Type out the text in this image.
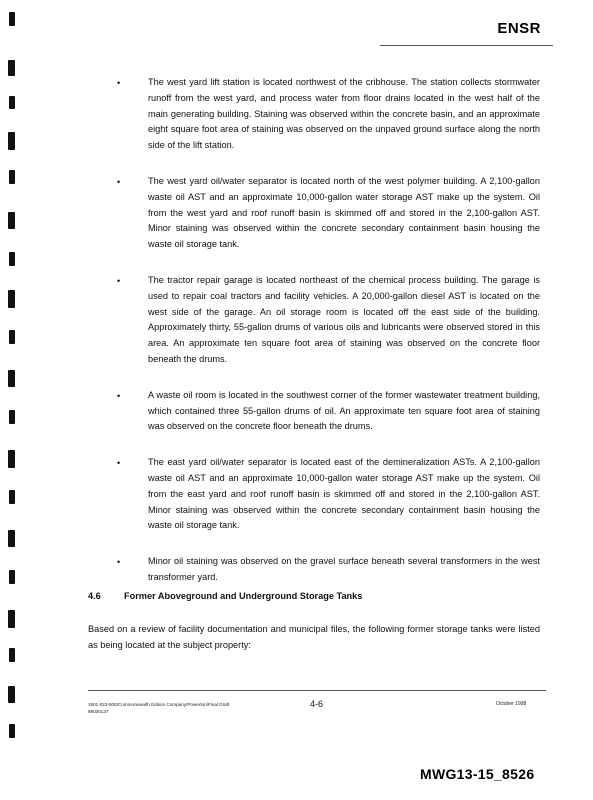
ENSR
•	The west yard lift station is located northwest of the cribhouse. The station collects stormwater runoff from the west yard, and process water from floor drains located in the west half of the main generating building. Staining was observed within the concrete basin, and an approximate eight square foot area of staining was observed on the unpaved ground surface along the north side of the lift station.

•	The west yard oil/water separator is located north of the west polymer building. A 2,100-gallon waste oil AST and an approximate 10,000-gallon water storage AST make up the system. Oil from the west yard and roof runoff basin is skimmed off and stored in the 2,100-gallon AST. Minor staining was observed within the concrete secondary containment basin housing the waste oil storage tank.

•	The tractor repair garage is located northeast of the chemical process building. The garage is used to repair coal tractors and facility vehicles. A 20,000-gallon diesel AST is located on the west side of the garage. An oil storage room is located off the east side of the building. Approximately thirty, 55-gallon drums of various oils and lubricants were observed stored in this area. An approximate ten square foot area of staining was observed on the concrete floor beneath the drums.

•	A waste oil room is located in the southwest corner of the former wastewater treatment building, which contained three 55-gallon drums of oil. An approximate ten square foot area of staining was observed on the concrete floor beneath the drums.

•	The east yard oil/water separator is located east of the demineralization ASTs. A 2,100-gallon waste oil AST and an approximate 10,000-gallon water storage AST make up the system. Oil from the east yard and roof runoff basin is skimmed off and stored in the 2,100-gallon AST. Minor staining was observed within the concrete secondary containment basin housing the waste oil storage tank.

•	Minor oil staining was observed on the gravel surface beneath several transformers in the west transformer yard.

4.6	Former Aboveground and Underground Storage Tanks

Based on a review of facility documentation and municipal files, the following former storage tanks were listed as being located at the subject property:

1801-023-500/Commonwealth Edison Company/Powerton/Final Draft
98030137
4-6	October 1998
MWG13-15_8526
